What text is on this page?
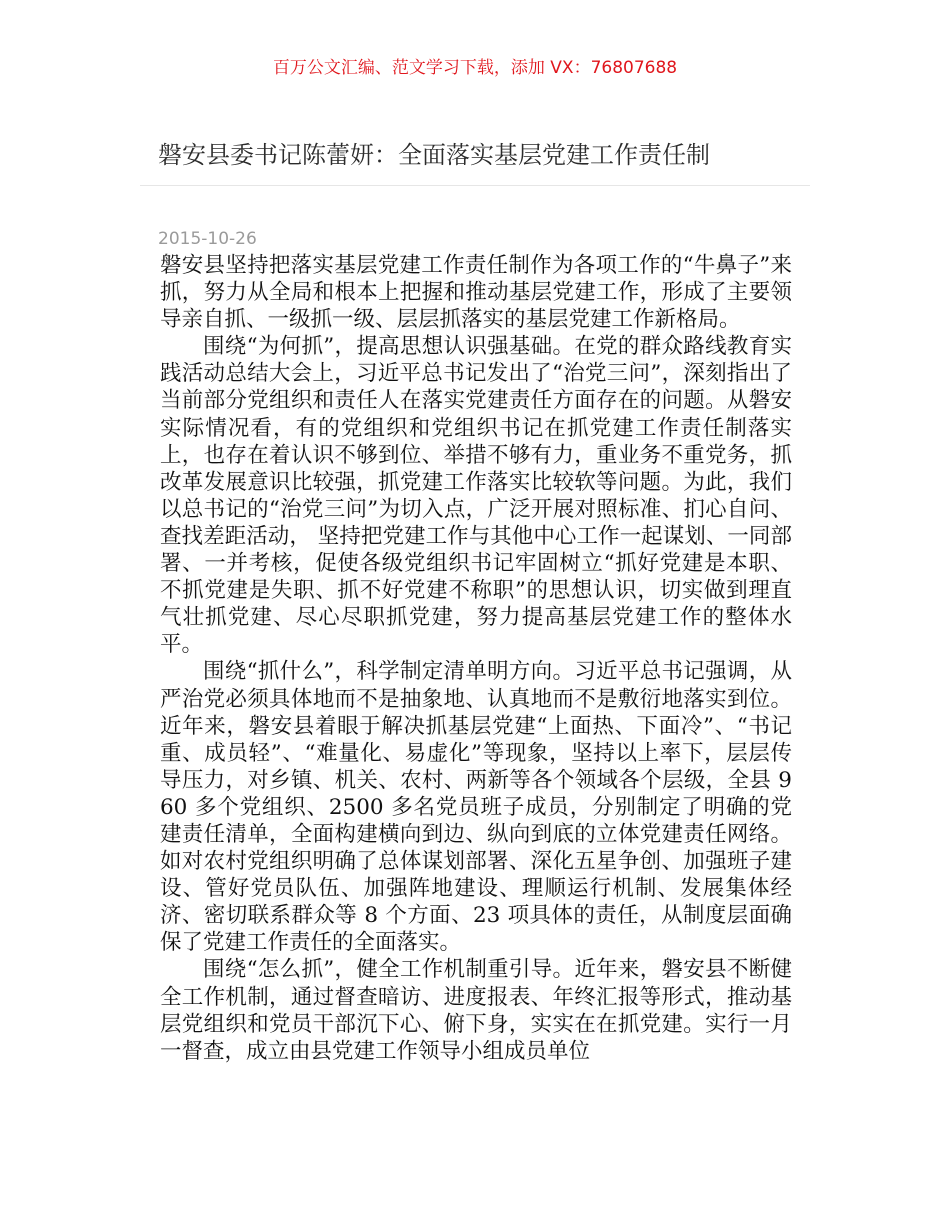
百万公文汇编、范文学习下载，添加 VX：76807688
磐安县委书记陈蕾妍：全面落实基层党建工作责任制
2015-10-26

磐安县坚持把落实基层党建工作责任制作为各项工作的“牛鼻子”来抓，努力从全局和根本上把握和推动基层党建工作，形成了主要领导亲自抓、一级抓一级、层层抓落实的基层党建工作新格局。

围绕“为何抓”，提高思想认识强基础。在党的群众路线教育实践活动总结大会上，习近平总书记发出了“治党三问”，深刻指出了当前部分党组织和责任人在落实党建责任方面存在的问题。从磐安实际情况看，有的党组织和党组织书记在抓党建工作责任制落实上，也存在着认识不够到位、举措不够有力，重业务不重党务，抓改革发展意识比较强，抓党建工作落实比较软等问题。为此，我们以总书记的“治党三问”为切入点，广泛开展对照标准、扪心自问、查找差距活动， 坚持把党建工作与其他中心工作一起谋划、一同部署、一并考核，促使各级党组织书记牢固树立“抓好党建是本职、不抓党建是失职、抓不好党建不称职”的思想认识，切实做到理直气壮抓党建、尽心尽职抓党建，努力提高基层党建工作的整体水平。

围绕“抓什么”，科学制定清单明方向。习近平总书记强调，从严治党必须具体地而不是抽象地、认真地而不是敷衍地落实到位。近年来，磐安县着眼于解决抓基层党建“上面热、下面冷”、“书记重、成员轻”、“难量化、易虚化”等现象，坚持以上率下，层层传导压力，对乡镇、机关、农村、两新等各个领域各个层级，全县 960 多个党组织、2500 多名党员班子成员，分别制定了明确的党建责任清单，全面构建横向到边、纵向到底的立体党建责任网络。如对农村党组织明确了总体谋划部署、深化五星争创、加强班子建设、管好党员队伍、加强阵地建设、理顺运行机制、发展集体经济、密切联系群众等 8 个方面、23 项具体的责任，从制度层面确保了党建工作责任的全面落实。

围绕“怎么抓”，健全工作机制重引导。近年来，磐安县不断健全工作机制，通过督查暗访、进度报表、年终汇报等形式，推动基层党组织和党员干部沉下心、俯下身，实实在在抓党建。实行一月一督查，成立由县党建工作领导小组成员单位
